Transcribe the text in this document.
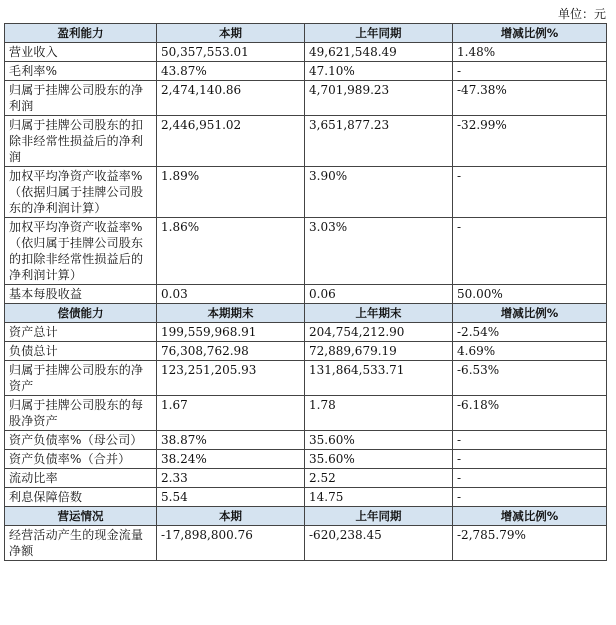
单位：元
盈利能力	本期	上年同期	增减比例%
营业收入	50,357,553.01	49,621,548.49	1.48%
毛利率%	43.87%	47.10%	-
归属于挂牌公司股东的净利润	2,474,140.86	4,701,989.23	-47.38%
归属于挂牌公司股东的扣除非经常性损益后的净利润	2,446,951.02	3,651,877.23	-32.99%
加权平均净资产收益率%（依据归属于挂牌公司股东的净利润计算）	1.89%	3.90%	-
加权平均净资产收益率%（依归属于挂牌公司股东的扣除非经常性损益后的净利润计算）	1.86%	3.03%	-
基本每股收益	0.03	0.06	50.00%
偿债能力	本期期末	上年期末	增减比例%
资产总计	199,559,968.91	204,754,212.90	-2.54%
负债总计	76,308,762.98	72,889,679.19	4.69%
归属于挂牌公司股东的净资产	123,251,205.93	131,864,533.71	-6.53%
归属于挂牌公司股东的每股净资产	1.67	1.78	-6.18%
资产负债率%（母公司）	38.87%	35.60%	-
资产负债率%（合并）	38.24%	35.60%	-
流动比率	2.33	2.52	-
利息保障倍数	5.54	14.75	-
营运情况	本期	上年同期	增减比例%
经营活动产生的现金流量净额	-17,898,800.76	-620,238.45	-2,785.79%
